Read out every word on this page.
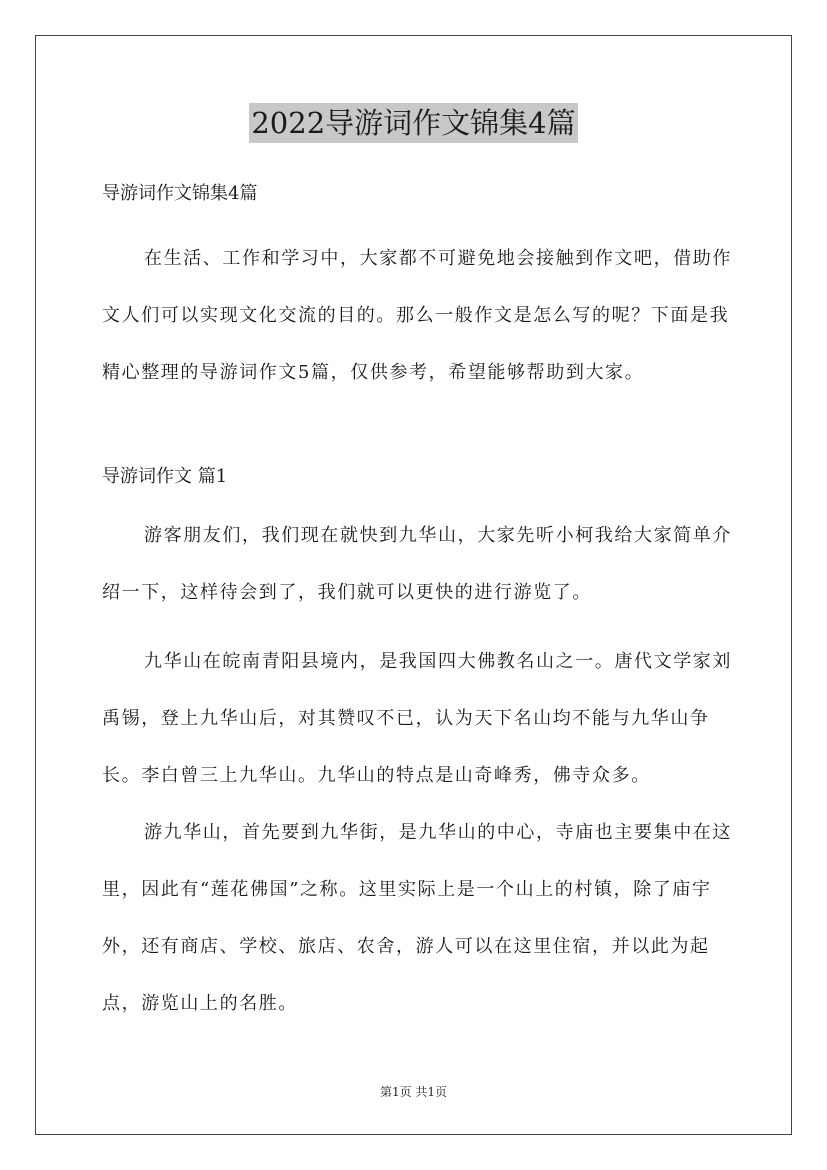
2022导游词作文锦集4篇
导游词作文锦集4篇

在生活、工作和学习中，大家都不可避免地会接触到作文吧，借助作文人们可以实现文化交流的目的。那么一般作文是怎么写的呢？下面是我精心整理的导游词作文5篇，仅供参考，希望能够帮助到大家。

导游词作文 篇1

游客朋友们，我们现在就快到九华山，大家先听小柯我给大家简单介绍一下，这样待会到了，我们就可以更快的进行游览了。

九华山在皖南青阳县境内，是我国四大佛教名山之一。唐代文学家刘禹锡，登上九华山后，对其赞叹不已，认为天下名山均不能与九华山争长。李白曾三上九华山。九华山的特点是山奇峰秀，佛寺众多。

游九华山，首先要到九华街，是九华山的中心，寺庙也主要集中在这里，因此有“莲花佛国”之称。这里实际上是一个山上的村镇，除了庙宇外，还有商店、学校、旅店、农舍，游人可以在这里住宿，并以此为起点，游览山上的名胜。

第1页 共1页
